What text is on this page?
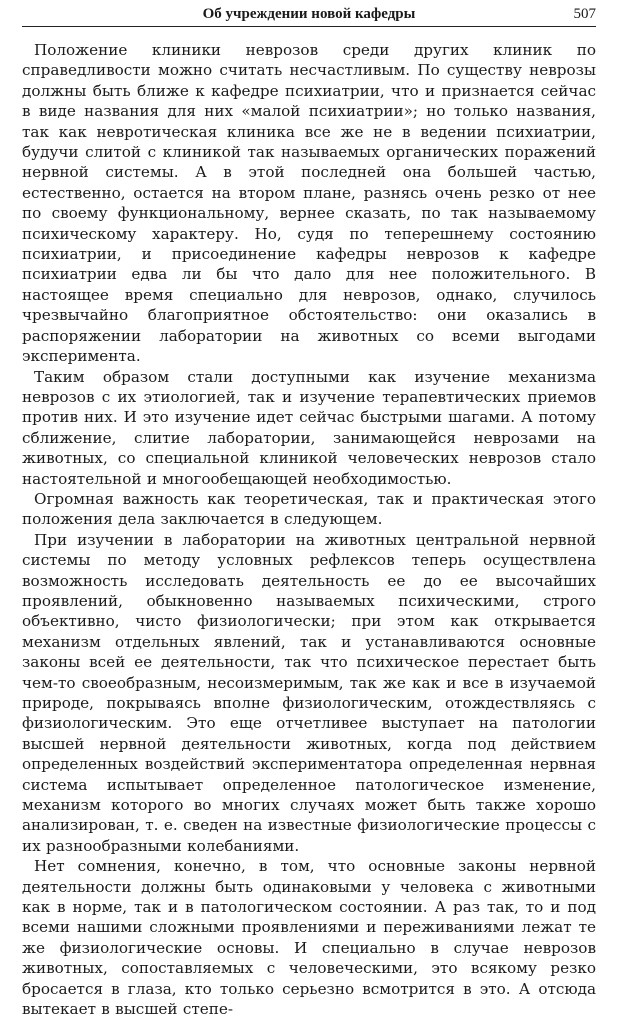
Об учреждении новой кафедры	507

Положение клиники неврозов среди других клиник по справедливости можно считать несчастливым. По существу неврозы должны быть ближе к кафедре психиатрии, что и признается сейчас в виде названия для них «малой психиатрии»; но только названия, так как невротическая клиника все же не в ведении психиатрии, будучи слитой с клиникой так называемых органических поражений нервной системы. А в этой последней она большей частью, естественно, остается на втором плане, разнясь очень резко от нее по своему функциональному, вернее сказать, по так называемому психическому характеру. Но, судя по теперешнему состоянию психиатрии, и присоединение кафедры неврозов к кафедре психиатрии едва ли бы что дало для нее положительного. В настоящее время специально для неврозов, однако, случилось чрезвычайно благоприятное обстоятельство: они оказались в распоряжении лаборатории на животных со всеми выгодами эксперимента.

Таким образом стали доступными как изучение механизма неврозов с их этиологией, так и изучение терапевтических приемов против них. И это изучение идет сейчас быстрыми шагами. А потому сближение, слитие лаборатории, занимающейся неврозами на животных, со специальной клиникой человеческих неврозов стало настоятельной и многообещающей необходимостью.

Огромная важность как теоретическая, так и практическая этого положения дела заключается в следующем.

При изучении в лаборатории на животных центральной нервной системы по методу условных рефлексов теперь осуществлена возможность исследовать деятельность ее до ее высочайших проявлений, обыкновенно называемых психическими, строго объективно, чисто физиологически; при этом как открывается механизм отдельных явлений, так и устанавливаются основные законы всей ее деятельности, так что психическое перестает быть чем-то своеобразным, несоизмеримым, так же как и все в изучаемой природе, покрываясь вполне физиологическим, отождествляясь с физиологическим. Это еще отчетливее выступает на патологии высшей нервной деятельности животных, когда под действием определенных воздействий экспериментатора определенная нервная система испытывает определенное патологическое изменение, механизм которого во многих случаях может быть также хорошо анализирован, т. е. сведен на известные физиологические процессы с их разнообразными колебаниями.

Нет сомнения, конечно, в том, что основные законы нервной деятельности должны быть одинаковыми у человека с животными как в норме, так и в патологическом состоянии. А раз так, то и под всеми нашими сложными проявлениями и переживаниями лежат те же физиологические основы. И специально в случае неврозов животных, сопоставляемых с человеческими, это всякому резко бросается в глаза, кто только серьезно всмотрится в это. А отсюда вытекает в высшей степе-
